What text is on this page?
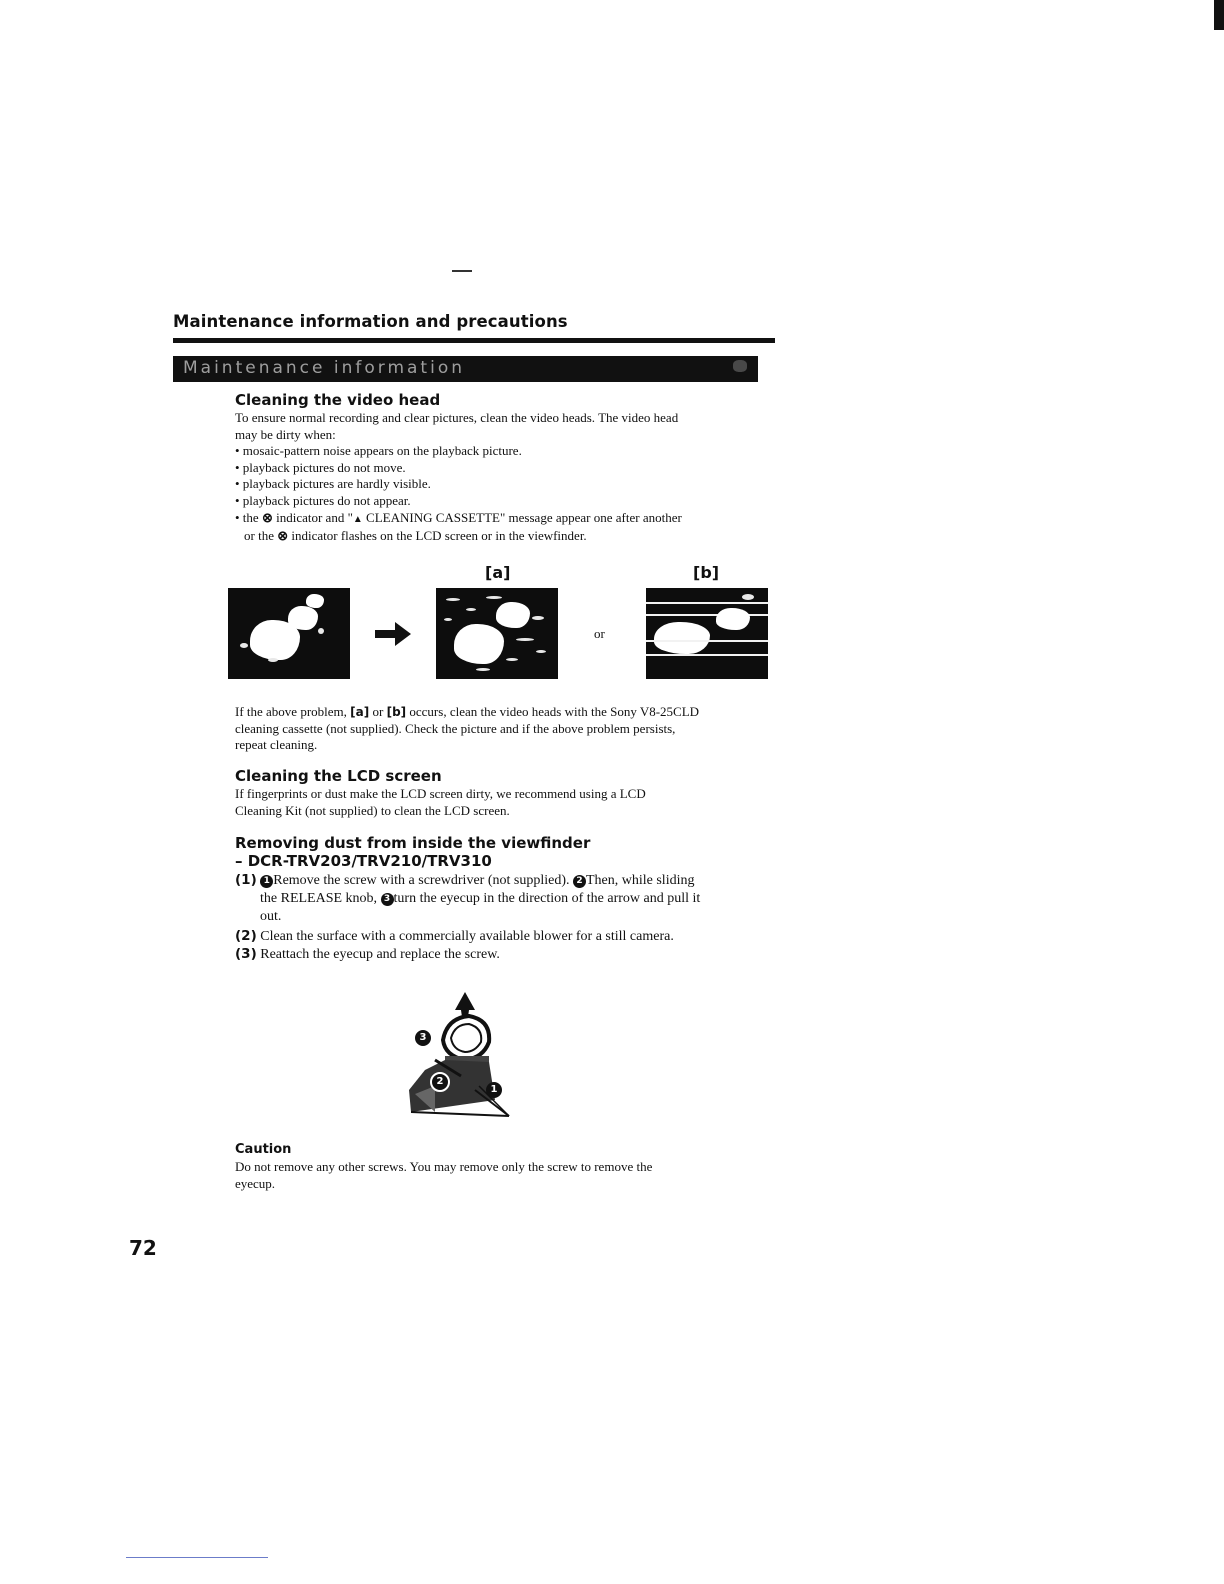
Maintenance information and precautions
Maintenance information
Cleaning the video head
To ensure normal recording and clear pictures, clean the video heads. The video head
may be dirty when:
• mosaic-pattern noise appears on the playback picture.
• playback pictures do not move.
• playback pictures are hardly visible.
• playback pictures do not appear.
• the ⊗ indicator and "▲ CLEANING CASSETTE" message appear one after another
or the ⊗ indicator flashes on the LCD screen or in the viewfinder.
[a]	[b]
or
If the above problem, [a] or [b] occurs, clean the video heads with the Sony V8-25CLD
cleaning cassette (not supplied). Check the picture and if the above problem persists,
repeat cleaning.
Cleaning the LCD screen
If fingerprints or dust make the LCD screen dirty, we recommend using a LCD
Cleaning Kit (not supplied) to clean the LCD screen.
Removing dust from inside the viewfinder
– DCR-TRV203/TRV210/TRV310
(1) 1 Remove the screw with a screwdriver (not supplied). 2 Then, while sliding
the RELEASE knob, 3 turn the eyecup in the direction of the arrow and pull it
out.
(2) Clean the surface with a commercially available blower for a still camera.
(3) Reattach the eyecup and replace the screw.
3
2
1
Caution
Do not remove any other screws. You may remove only the screw to remove the
eyecup.
72
